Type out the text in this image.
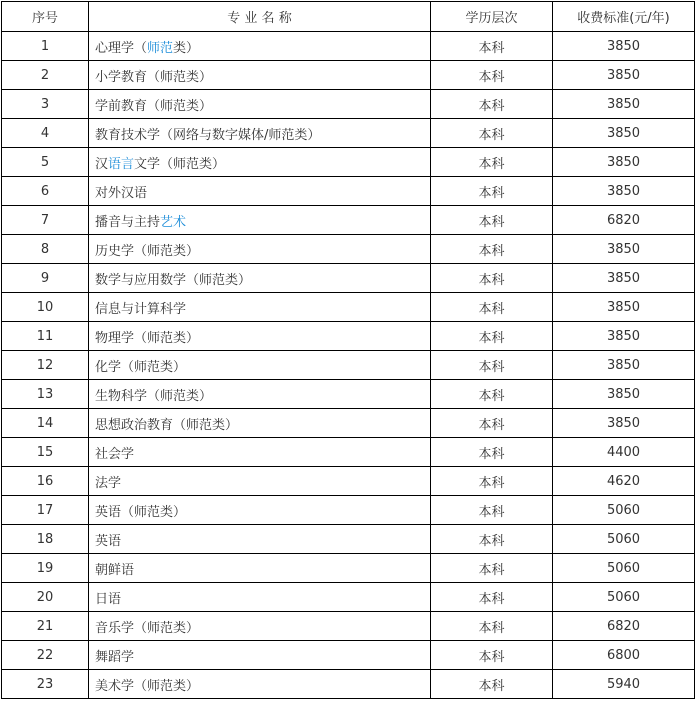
序号	专 业 名 称	学历层次	收费标准(元/年)
1	心理学（师范类）	本科	3850
2	小学教育（师范类）	本科	3850
3	学前教育（师范类）	本科	3850
4	教育技术学（网络与数字媒体/师范类）	本科	3850
5	汉语言文学（师范类）	本科	3850
6	对外汉语	本科	3850
7	播音与主持艺术	本科	6820
8	历史学（师范类）	本科	3850
9	数学与应用数学（师范类）	本科	3850
10	信息与计算科学	本科	3850
11	物理学（师范类）	本科	3850
12	化学（师范类）	本科	3850
13	生物科学（师范类）	本科	3850
14	思想政治教育（师范类）	本科	3850
15	社会学	本科	4400
16	法学	本科	4620
17	英语（师范类）	本科	5060
18	英语	本科	5060
19	朝鲜语	本科	5060
20	日语	本科	5060
21	音乐学（师范类）	本科	6820
22	舞蹈学	本科	6800
23	美术学（师范类）	本科	5940
